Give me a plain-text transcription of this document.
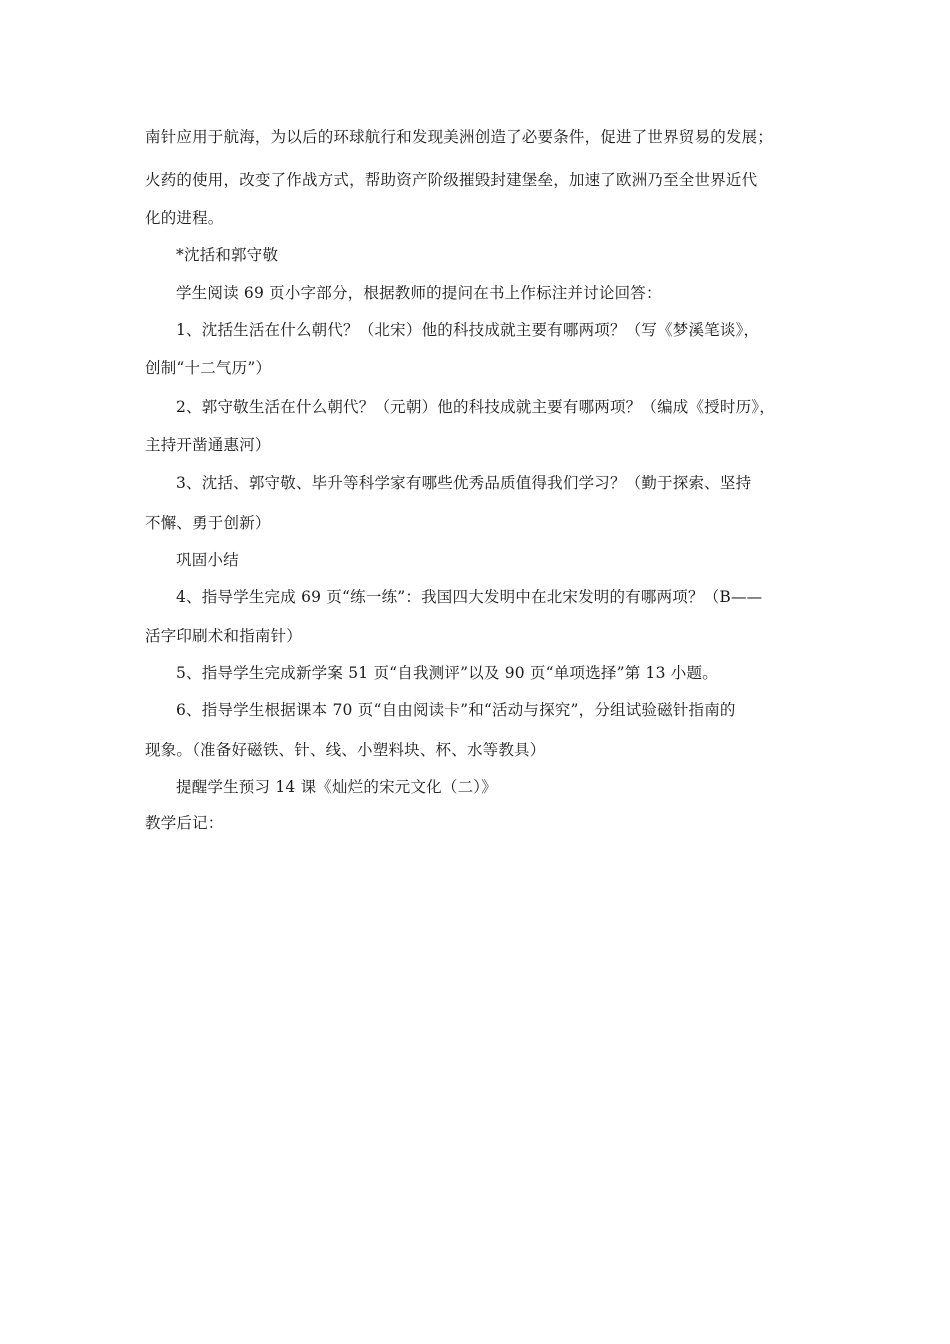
南针应用于航海，为以后的环球航行和发现美洲创造了必要条件，促进了世界贸易的发展；
火药的使用，改变了作战方式，帮助资产阶级摧毁封建堡垒，加速了欧洲乃至全世界近代
化的进程。
*沈括和郭守敬
学生阅读 69 页小字部分，根据教师的提问在书上作标注并讨论回答：
1、沈括生活在什么朝代？（北宋）他的科技成就主要有哪两项？（写《梦溪笔谈》，
创制“十二气历”）
2、郭守敬生活在什么朝代？（元朝）他的科技成就主要有哪两项？（编成《授时历》，
主持开凿通惠河）
3、沈括、郭守敬、毕升等科学家有哪些优秀品质值得我们学习？（勤于探索、坚持
不懈、勇于创新）
巩固小结
4、指导学生完成 69 页“练一练”：我国四大发明中在北宋发明的有哪两项？（B——
活字印刷术和指南针）
5、指导学生完成新学案 51 页“自我测评”以及 90 页“单项选择”第 13 小题。
6、指导学生根据课本 70 页“自由阅读卡”和“活动与探究”，分组试验磁针指南的
现象。（准备好磁铁、针、线、小塑料块、杯、水等教具）
提醒学生预习 14 课《灿烂的宋元文化（二）》
教学后记：
